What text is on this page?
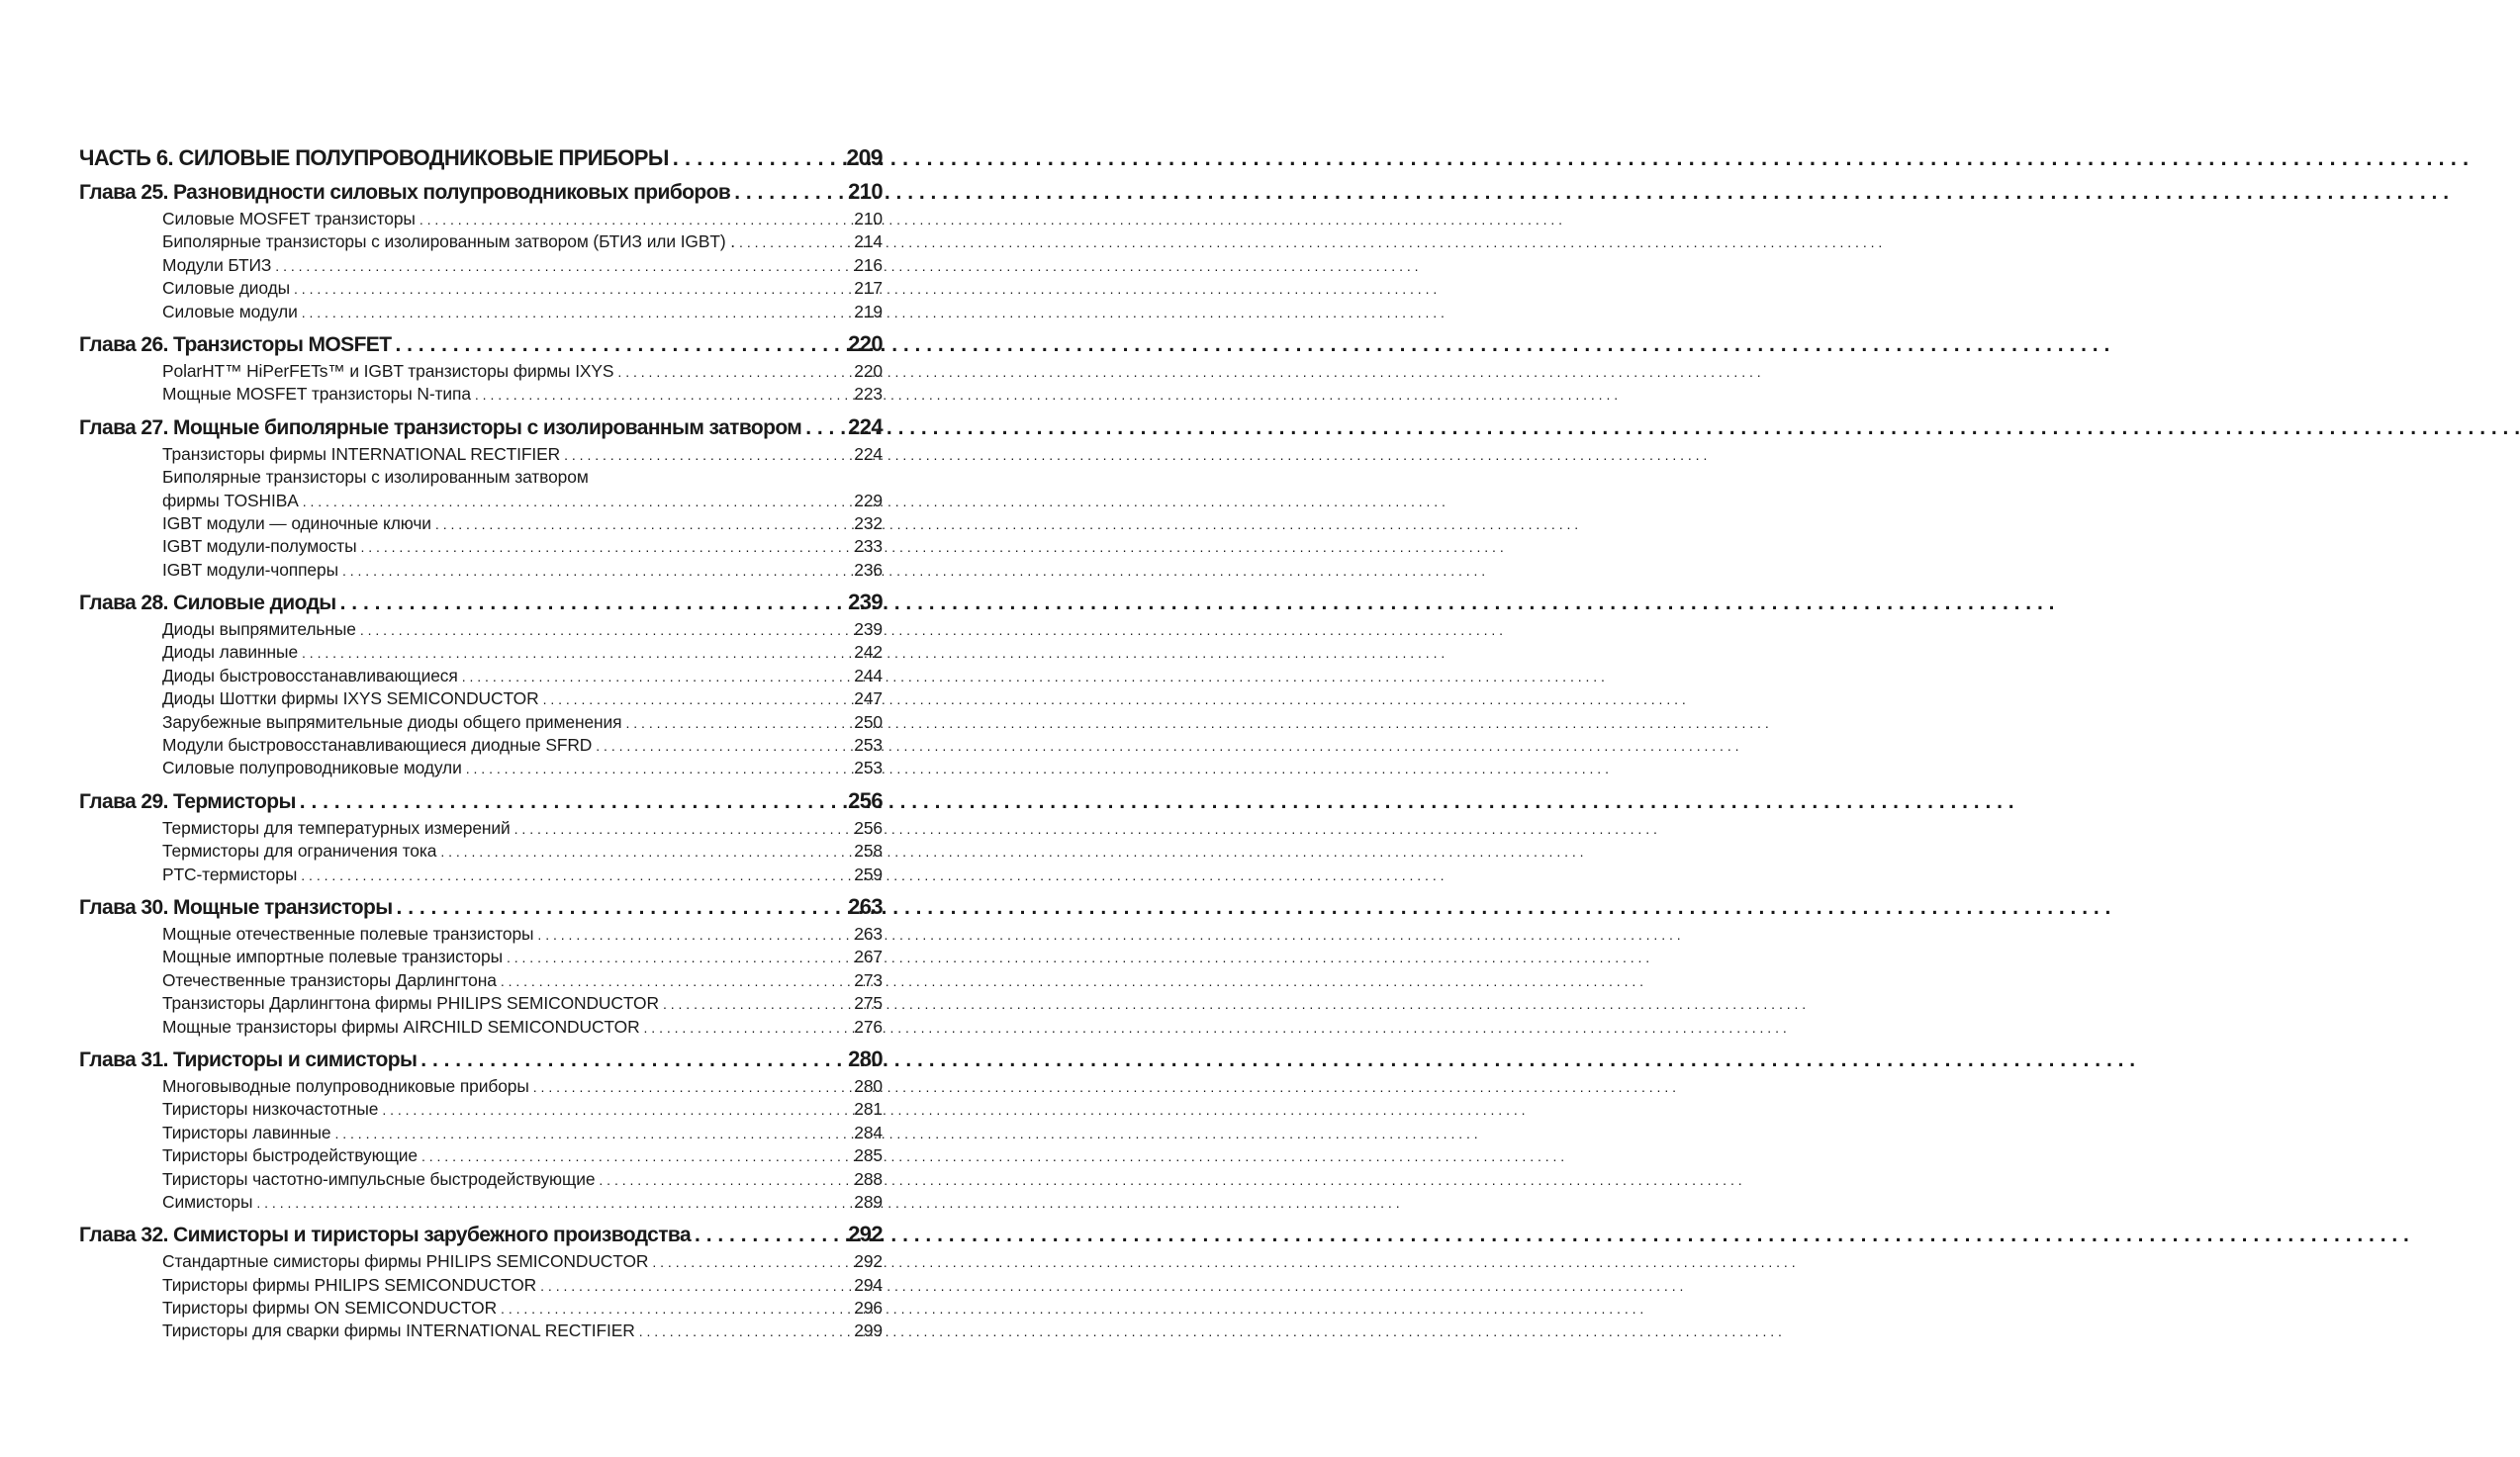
ЧАСТЬ 6. СИЛОВЫЕ ПОЛУПРОВОДНИКОВЫЕ ПРИБОРЫ . . .	209
Глава 25. Разновидности силовых полупроводниковых приборов . . .	210
Силовые MOSFET транзисторы . . .	210
Биполярные транзисторы с изолированным затвором (БТИЗ или IGBT) . . . .	214
Модули БТИЗ . . .	216
Силовые диоды . . .	217
Силовые модули . . .	219
Глава 26. Транзисторы MOSFET . . .	220
PolarHT™ HiPerFETs™ и IGBT транзисторы фирмы IXYS . . .	220
Мощные MOSFET транзисторы N-типа . . .	223
Глава 27. Мощные биполярные транзисторы с изолированным затвором . . . 224
Транзисторы фирмы INTERNATIONAL RECTIFIER . . .	224
Биполярные транзисторы с изолированным затвором
фирмы TOSHIBA . . .	229
IGBT модули — одиночные ключи . . .	232
IGBT модули-полумосты . . .	233
IGBT модули-чопперы . . .	236
Глава 28. Силовые диоды . . .	239
Диоды выпрямительные . . .	239
Диоды лавинные . . .	242
Диоды быстровосстанавливающиеся . . .	244
Диоды Шоттки фирмы IXYS SEMICONDUCTOR . . .	247
Зарубежные выпрямительные диоды общего применения . . .	250
Модули быстровосстанавливающиеся диодные SFRD . . .	253
Силовые полупроводниковые модули . . .	253
Глава 29. Термисторы . . .	256
Термисторы для температурных измерений . . .	256
Термисторы для ограничения тока . . .	258
PTC-термисторы . . .	259
Глава 30. Мощные транзисторы . . .	263
Мощные отечественные полевые транзисторы . . .	263
Мощные импортные полевые транзисторы . . .	267
Отечественные транзисторы Дарлингтона . . .	273
Транзисторы Дарлингтона фирмы PHILIPS SEMICONDUCTOR . . .	275
Мощные транзисторы фирмы AIRCHILD SEMICONDUCTOR . . .	276
Глава 31. Тиристоры и симисторы . . .	280
Многовыводные полупроводниковые приборы . . .	280
Тиристоры низкочастотные . . .	281
Тиристоры лавинные . . .	284
Тиристоры быстродействующие . . .	285
Тиристоры частотно-импульсные быстродействующие . . .	288
Симисторы . . .	289
Глава 32. Симисторы и тиристоры зарубежного производства . . .	292
Стандартные симисторы фирмы PHILIPS SEMICONDUCTOR . . .	292
Тиристоры фирмы PHILIPS SEMICONDUCTOR . . .	294
Тиристоры фирмы ON SEMICONDUCTOR . . .	296
Тиристоры для сварки фирмы INTERNATIONAL RECTIFIER . . .	299
